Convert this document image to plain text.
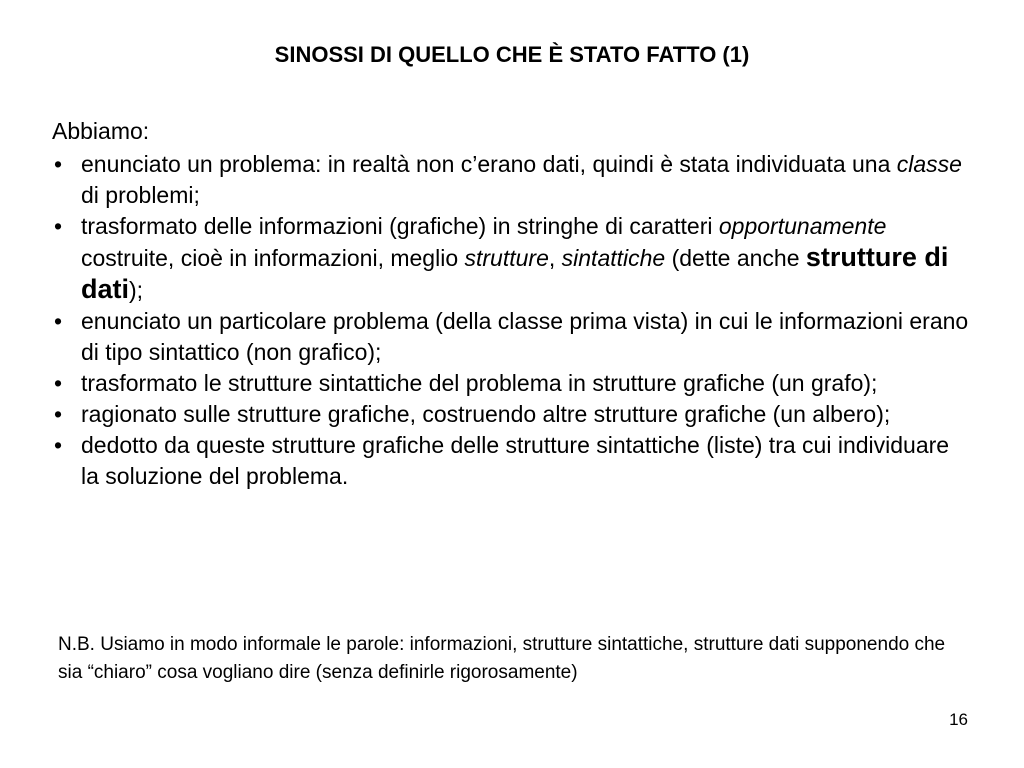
SINOSSI DI QUELLO CHE È STATO FATTO (1)
Abbiamo:
• enunciato un problema: in realtà non c’erano dati, quindi è stata individuata una classe di problemi;
• trasformato delle informazioni (grafiche) in stringhe di caratteri opportunamente costruite, cioè in informazioni, meglio strutture, sintattiche (dette anche strutture di dati);
• enunciato un particolare problema (della classe prima vista) in cui le informazioni erano di tipo sintattico (non grafico);
• trasformato le strutture sintattiche del problema in strutture grafiche (un grafo);
• ragionato sulle strutture grafiche, costruendo altre strutture grafiche (un albero);
• dedotto da queste strutture grafiche delle strutture sintattiche (liste) tra cui individuare la soluzione del problema.

N.B. Usiamo in modo informale le parole: informazioni, strutture sintattiche, strutture dati supponendo che sia “chiaro” cosa vogliano dire (senza definirle rigorosamente)

16
